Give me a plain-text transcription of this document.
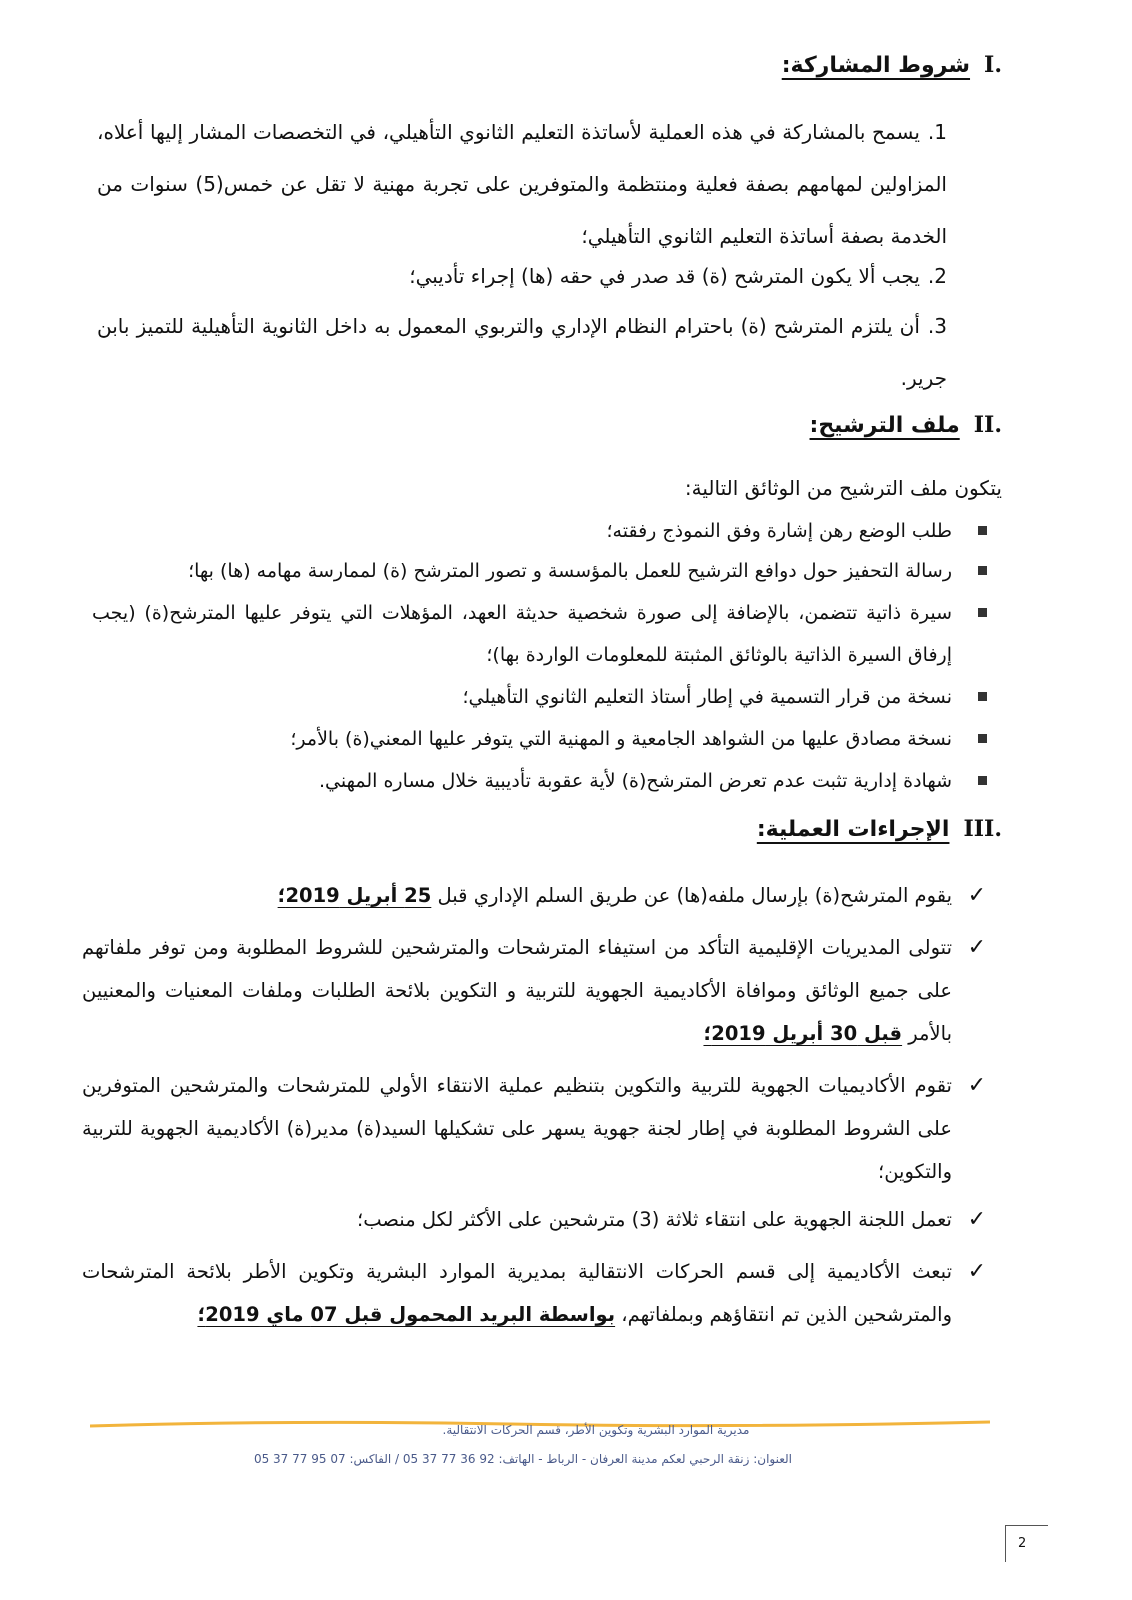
.I
شروط المشاركة:
1.يسمح بالمشاركة في هذه العملية لأساتذة التعليم الثانوي التأهيلي، في التخصصات المشار إليها أعلاه، المزاولين لمهامهم بصفة فعلية ومنتظمة والمتوفرين على تجربة مهنية لا تقل عن خمس(5) سنوات من الخدمة بصفة أساتذة التعليم الثانوي التأهيلي؛
2.يجب ألا يكون المترشح (ة) قد صدر في حقه (ها) إجراء تأديبي؛
3.أن يلتزم المترشح (ة) باحترام النظام الإداري والتربوي المعمول به داخل الثانوية التأهيلية للتميز بابن جرير.
.II
ملف الترشيح:
يتكون ملف الترشيح من الوثائق التالية:
طلب الوضع رهن إشارة وفق النموذج رفقته؛
رسالة التحفيز حول دوافع الترشيح للعمل بالمؤسسة و تصور المترشح (ة) لممارسة مهامه (ها) بها؛
سيرة ذاتية تتضمن، بالإضافة إلى صورة شخصية حديثة العهد، المؤهلات التي يتوفر عليها المترشح(ة) (يجب إرفاق السيرة الذاتية بالوثائق المثبتة للمعلومات الواردة بها)؛
نسخة من قرار التسمية في إطار أستاذ التعليم الثانوي التأهيلي؛
نسخة مصادق عليها من الشواهد الجامعية و المهنية التي يتوفر عليها المعني(ة) بالأمر؛
شهادة إدارية تثبت عدم تعرض المترشح(ة) لأية عقوبة تأديبية خلال مساره المهني.
.III
الإجراءات العملية:
✓
يقوم المترشح(ة) بإرسال ملفه(ها) عن طريق السلم الإداري قبل 25 أبريل 2019؛
✓
تتولى المديريات الإقليمية التأكد من استيفاء المترشحات والمترشحين للشروط المطلوبة ومن توفر ملفاتهم على جميع الوثائق وموافاة الأكاديمية الجهوية للتربية و التكوين بلائحة الطلبات وملفات المعنيات والمعنيين بالأمر قبل 30 أبريل 2019؛
✓
تقوم الأكاديميات الجهوية للتربية والتكوين بتنظيم عملية الانتقاء الأولي للمترشحات والمترشحين المتوفرين على الشروط المطلوبة في إطار لجنة جهوية يسهر على تشكيلها السيد(ة) مدير(ة) الأكاديمية الجهوية للتربية والتكوين؛
✓
تعمل اللجنة الجهوية على انتقاء ثلاثة (3) مترشحين على الأكثر لكل منصب؛
✓
تبعث الأكاديمية إلى قسم الحركات الانتقالية بمديرية الموارد البشرية وتكوين الأطر بلائحة المترشحات والمترشحين الذين تم انتقاؤهم وبملفاتهم، بواسطة البريد المحمول قبل 07 ماي 2019؛
مديرية الموارد البشرية وتكوين الأطر، قسم الحركات الانتقالية.
العنوان: زنقة الرحبي لعكم مدينة العرفان - الرباط - الهاتف: 92 36 77 37 05 / الفاكس: 07 95 77 37 05
2
